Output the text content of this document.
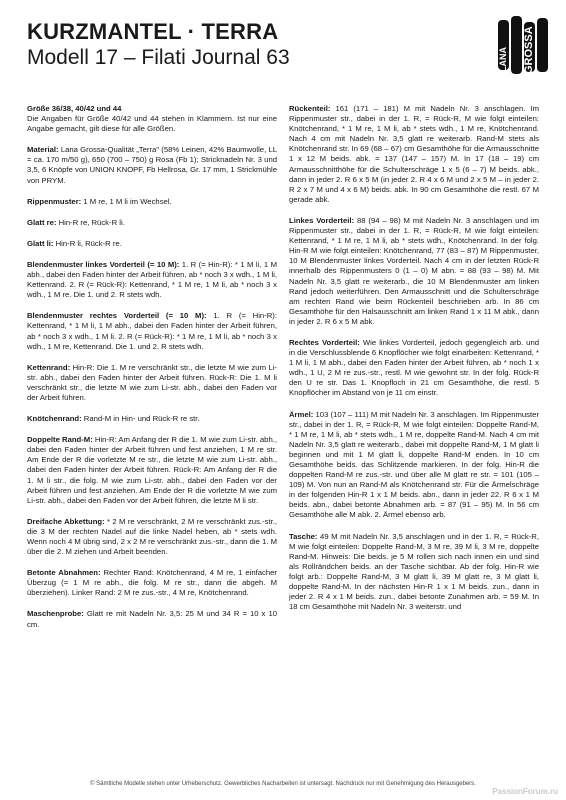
KURZMANTEL · TERRA
Modell 17 – Filati Journal 63	LANA GROSSA
Größe 36/38, 40/42 und 44
Die Angaben für Größe 40/42 und 44 stehen in Klammern. Ist nur eine Angabe gemacht, gilt diese für alle Größen.
Material: Lana Grossa-Qualität „Terra" (58% Leinen, 42% Baumwolle, LL = ca. 170 m/50 g), 650 (700 – 750) g Rosa (Fb 1); Stricknadeln Nr. 3 und 3,5, 6 Knöpfe von UNION KNOPF, Fb Hellrosa, Gr. 17 mm, 1 Strickmühle von PRYM.
Rippenmuster: 1 M re, 1 M li im Wechsel.
Glatt re: Hin-R re, Rück-R li.
Glatt li: Hin-R li, Rück-R re.
Blendenmuster linkes Vorderteil (= 10 M): 1. R (= Hin-R): * 1 M li, 1 M abh., dabei den Faden hinter der Arbeit führen, ab * noch 3 x wdh., 1 M li, Kettenrand. 2. R (= Rück-R): Kettenrand, * 1 M re, 1 M li, ab * noch 3 x wdh., 1 M re. Die 1. und 2. R stets wdh.
Blendenmuster rechtes Vorderteil (= 10 M): 1. R (= Hin-R): Kettenrand, * 1 M li, 1 M abh., dabei den Faden hinter der Arbeit führen, ab * noch 3 x wdh., 1 M li. 2. R (= Rück-R): * 1 M re, 1 M li, ab * noch 3 x wdh., 1 M re, Kettenrand. Die 1. und 2. R stets wdh.
Kettenrand: Hin-R: Die 1. M re verschränkt str., die letzte M wie zum Li-str. abh., dabei den Faden hinter der Arbeit führen. Rück-R: Die 1. M li verschränkt str., die letzte M wie zum Li-str. abh., dabei den Faden vor der Arbeit führen.
Knötchenrand: Rand-M in Hin- und Rück-R re str.
Doppelte Rand-M: Hin-R: Am Anfang der R die 1. M wie zum Li-str. abh., dabei den Faden hinter der Arbeit führen und fest anziehen, 1 M re str. Am Ende der R die vorletzte M re str., die letzte M wie zum Li-str. abh., dabei den Faden hinter der Arbeit führen. Rück-R: Am Anfang der R die 1. M li str., die folg. M wie zum Li-str. abh., dabei den Faden vor der Arbeit führen und fest anziehen. Am Ende der R die vorletzte M wie zum Li-str. abh., dabei den Faden vor der Arbeit führen, die letzte M li str.
Dreifache Abkettung: * 2 M re verschränkt, 2 M re verschränkt zus.-str., die 3 M der rechten Nadel auf die linke Nadel heben, ab * stets wdh. Wenn noch 4 M übrig sind, 2 x 2 M re verschränkt zus.-str., dann die 1. M über die 2. M ziehen und Arbeit beenden.
Betonte Abnahmen: Rechter Rand: Knötchenrand, 4 M re, 1 einfacher Überzug (= 1 M re abh., die folg. M re str., dann die abgeh. M überziehen). Linker Rand: 2 M re zus.-str., 4 M re, Knötchenrand.
Maschenprobe: Glatt re mit Nadeln Nr. 3,5: 25 M und 34 R = 10 x 10 cm.
Rückenteil: 161 (171 – 181) M mit Nadeln Nr. 3 anschlagen. Im Rippenmuster str., dabei in der 1. R, = Rück-R, M wie folgt einteilen: Knötchenrand, * 1 M re, 1 M li, ab * stets wdh., 1 M re, Knötchenrand. Nach 4 cm mit Nadeln Nr. 3,5 glatt re weiterarb. Rand-M stets als Knötchenrand str. In 69 (68 – 67) cm Gesamthöhe für die Armausschnitte 1 x 12 M beids. abk. = 137 (147 – 157) M. In 17 (18 – 19) cm Armausschnitthöhe für die Schulterschräge 1 x 5 (6 – 7) M beids. abk., dann in jeder 2. R 6 x 5 M (in jeder 2. R 4 x 6 M und 2 x 5 M – in jeder 2. R 2 x 7 M und 4 x 6 M) beids. abk. In 90 cm Gesamthöhe die restl. 67 M gerade abk.
Linkes Vorderteil: 88 (94 – 98) M mit Nadeln Nr. 3 anschlagen und im Rippenmuster str., dabei in der 1. R, = Rück-R, M wie folgt einteilen: Kettenrand, * 1 M re, 1 M li, ab * stets wdh., Knötchenrand. In der folg. Hin-R M wie folgt einteilen: Knötchenrand, 77 (83 – 87) M Rippenmuster, 10 M Blendenmuster linkes Vorderteil. Nach 4 cm in der letzten Rück-R innerhalb des Rippenmusters 0 (1 – 0) M abn. = 88 (93 – 98) M. Mit Nadeln Nr. 3,5 glatt re weiterarb., die 10 M Blendenmuster am linken Rand jedoch weiterführen. Den Armausschnitt und die Schulterschräge am rechten Rand wie beim Rückenteil beschrieben arb. In 86 cm Gesamthöhe für den Halsausschnitt am linken Rand 1 x 11 M abk., dann in jeder 2. R 6 x 5 M abk.
Rechtes Vorderteil: Wie linkes Vorderteil, jedoch gegengleich arb. und in die Verschlussblende 6 Knopflöcher wie folgt einarbeiten: Kettenrand, * 1 M li, 1 M abh., dabei den Faden hinter der Arbeit führen, ab * noch 1 x wdh., 1 U, 2 M re zus.-str., restl. M wie gewohnt str. In der folg. Rück-R den U re str. Das 1. Knopfloch in 21 cm Gesamthöhe, die restl. 5 Knopflöcher im Abstand von je 11 cm einstr.
Ärmel: 103 (107 – 111) M mit Nadeln Nr. 3 anschlagen. Im Rippenmuster str., dabei in der 1. R, = Rück-R, M wie folgt einteilen: Doppelte Rand-M, * 1 M re, 1 M li, ab * stets wdh., 1 M re, doppelte Rand-M. Nach 4 cm mit Nadeln Nr. 3,5 glatt re weiterarb., dabei mit doppelte Rand-M, 1 M glatt li beginnen und mit 1 M glatt li, doppelte Rand-M enden. In 10 cm Gesamthöhe beids. das Schlitzende markieren. In der folg. Hin-R die doppelten Rand-M re zus.-str. und über alle M glatt re str. = 101 (105 – 109) M. Von nun an Rand-M als Knötchenrand str. Für die Ärmelschräge in der folgenden Hin-R 1 x 1 M beids. abn., dann in jeder 22. R 6 x 1 M beids. abn., dabei betonte Abnahmen arb. = 87 (91 – 95) M. In 56 cm Gesamthöhe alle M abk. 2. Ärmel ebenso arb.
Tasche: 49 M mit Nadeln Nr. 3,5 anschlagen und in der 1. R, = Rück-R, M wie folgt einteilen: Doppelte Rand-M, 3 M re, 39 M li, 3 M re, doppelte Rand-M. Hinweis: Die beids. je 5 M rollen sich nach innen ein und sind als Rollrändchen beids. an der Tasche sichtbar. Ab der folg. Hin-R wie folgt arb.: Doppelte Rand-M, 3 M glatt li, 39 M glatt re, 3 M glatt li, doppelte Rand-M. In der nächsten Hin-R 1 x 1 M beids. zun., dann in jeder 2. R 4 x 1 M beids. zun., dabei betonte Zunahmen arb. = 59 M. In 18 cm Gesamthöhe mit Nadeln Nr. 3 weiterstr. und
© Sämtliche Modelle stehen unter Urheberschutz. Gewerbliches Nacharbeiten ist untersagt. Nachdruck nur mit Genehmigung des Herausgebers.
PassionForum.ru
